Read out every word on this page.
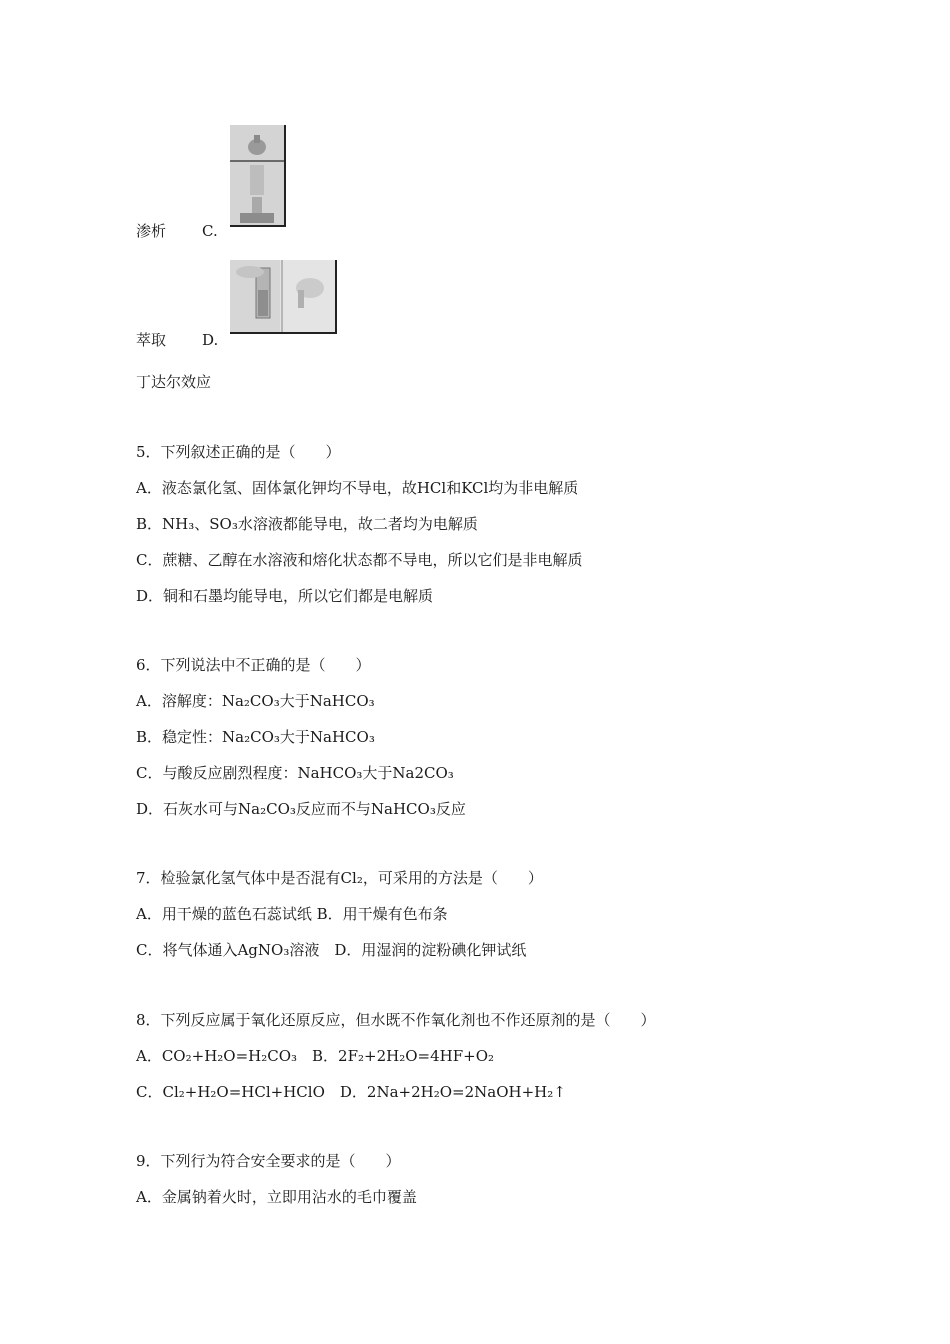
渗析 C.
萃取 D.
丁达尔效应
5．下列叙述正确的是（　　）
A．液态氯化氢、固体氯化钾均不导电，故HCl和KCl均为非电解质
B．NH₃、SO₃水溶液都能导电，故二者均为电解质
C．蔗糖、乙醇在水溶液和熔化状态都不导电，所以它们是非电解质
D．铜和石墨均能导电，所以它们都是电解质
6．下列说法中不正确的是（　　）
A．溶解度：Na₂CO₃大于NaHCO₃
B．稳定性：Na₂CO₃大于NaHCO₃
C．与酸反应剧烈程度：NaHCO₃大于Na2CO₃
D．石灰水可与Na₂CO₃反应而不与NaHCO₃反应
7．检验氯化氢气体中是否混有Cl₂，可采用的方法是（　　）
A．用干燥的蓝色石蕊试纸 B．用干燥有色布条
C．将气体通入AgNO₃溶液　D．用湿润的淀粉碘化钾试纸
8．下列反应属于氧化还原反应，但水既不作氧化剂也不作还原剂的是（　　）
A．CO₂+H₂O=H₂CO₃　B．2F₂+2H₂O=4HF+O₂
C．Cl₂+H₂O=HCl+HClO　D．2Na+2H₂O=2NaOH+H₂↑
9．下列行为符合安全要求的是（　　）
A．金属钠着火时，立即用沾水的毛巾覆盖
